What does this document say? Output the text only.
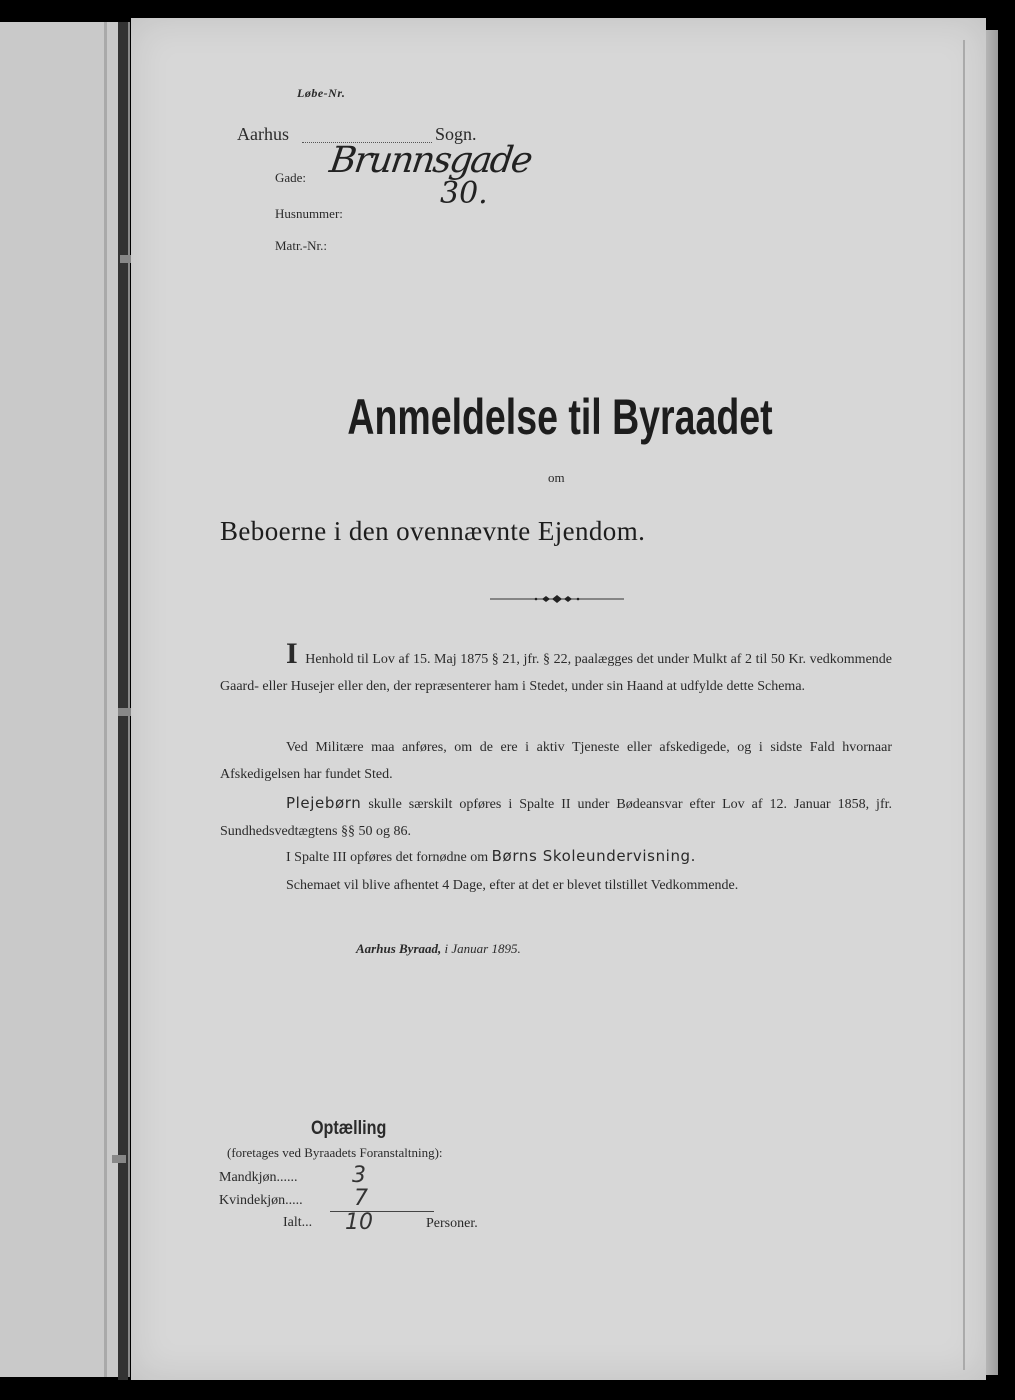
Løbe-Nr.
Aarhus	Sogn.
Gade:
Husnummer:
Matr.-Nr.:
Brunnsgade
30.
Anmeldelse til Byraadet
om
Beboerne i den ovennævnte Ejendom.
I Henhold til Lov af 15. Maj 1875 § 21, jfr. § 22, paalægges det under Mulkt af 2 til 50 Kr. vedkommende Gaard- eller Husejer eller den, der repræsenterer ham i Stedet, under sin Haand at udfylde dette Schema.
Ved Militære maa anføres, om de ere i aktiv Tjeneste eller afskedigede, og i sidste Fald hvornaar Afskedigelsen har fundet Sted.
Plejebørn skulle særskilt opføres i Spalte II under Bødeansvar efter Lov af 12. Januar 1858, jfr. Sundhedsvedtægtens §§ 50 og 86.
I Spalte III opføres det fornødne om Børns Skoleundervisning.
Schemaet vil blive afhentet 4 Dage, efter at det er blevet tilstillet Vedkommende.
Aarhus Byraad, i Januar 1895.
Optælling
(foretages ved Byraadets Foranstaltning):
Mandkjøn......
Kvindekjøn.....
Ialt...
3
7
10	Personer.
